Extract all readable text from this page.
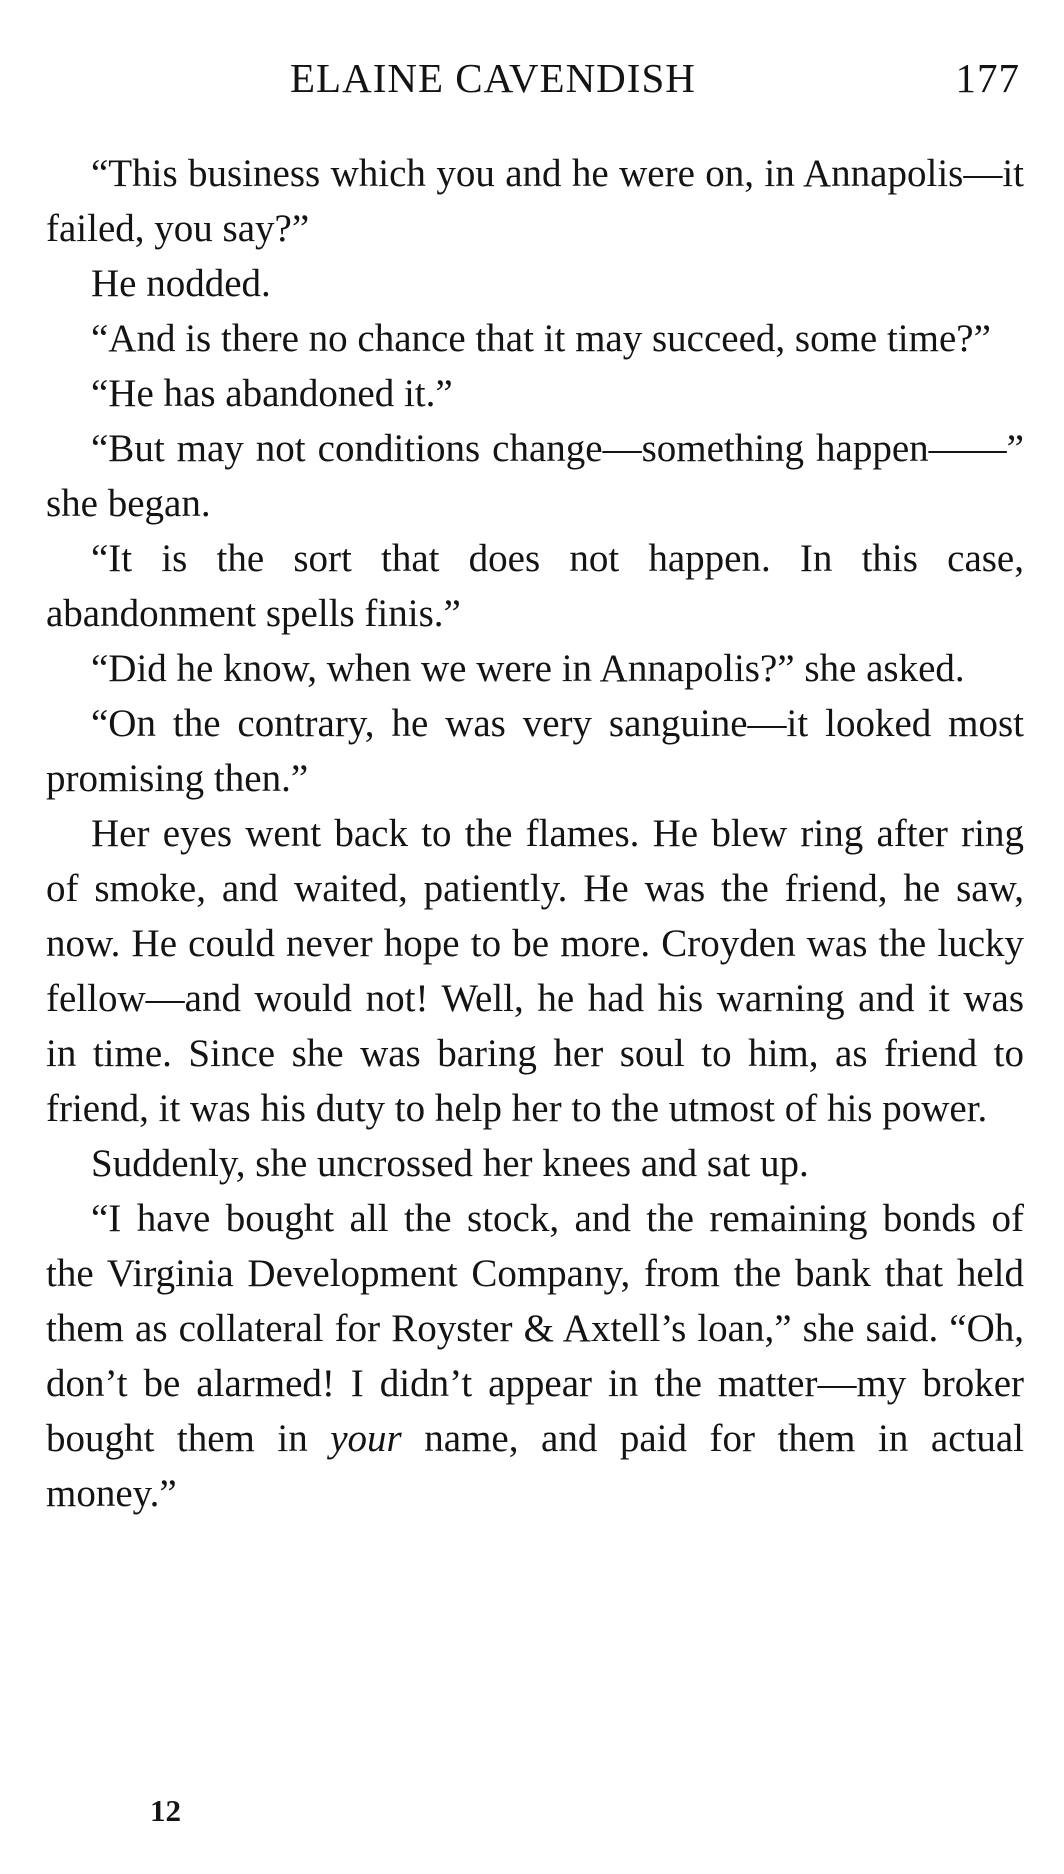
ELAINE CAVENDISH	177

“This business which you and he were on, in Annapolis—it failed, you say?”

He nodded.

“And is there no chance that it may succeed, some time?”

“He has abandoned it.”

“But may not conditions change—something happen——” she began.

“It is the sort that does not happen. In this case, abandonment spells finis.”

“Did he know, when we were in Annapolis?” she asked.

“On the contrary, he was very sanguine—it looked most promising then.”

Her eyes went back to the flames. He blew ring after ring of smoke, and waited, patiently. He was the friend, he saw, now. He could never hope to be more. Croyden was the lucky fellow—and would not! Well, he had his warning and it was in time. Since she was baring her soul to him, as friend to friend, it was his duty to help her to the utmost of his power.

Suddenly, she uncrossed her knees and sat up.

“I have bought all the stock, and the remaining bonds of the Virginia Development Company, from the bank that held them as collateral for Royster & Axtell’s loan,” she said. “Oh, don’t be alarmed! I didn’t appear in the matter—my broker bought them in your name, and paid for them in actual money.”

12
